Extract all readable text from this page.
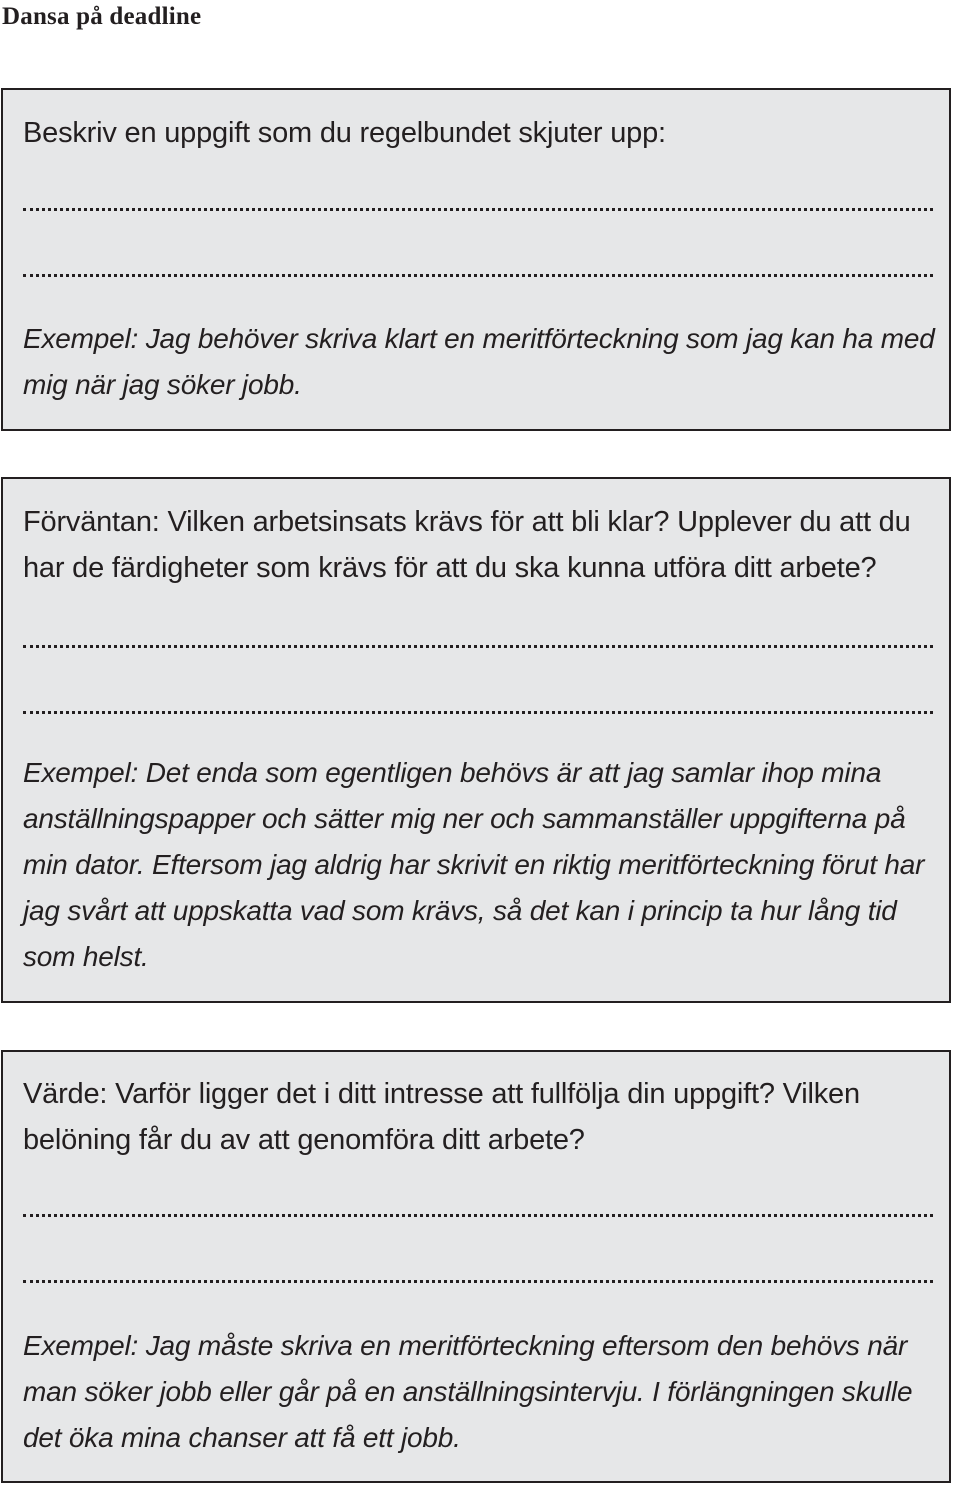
Dansa på deadline

Beskriv en uppgift som du regelbundet skjuter upp:

Exempel: Jag behöver skriva klart en meritförteckning som jag kan ha med mig när jag söker jobb.

Förväntan: Vilken arbetsinsats krävs för att bli klar? Upplever du att du har de färdigheter som krävs för att du ska kunna utföra ditt arbete?

Exempel: Det enda som egentligen behövs är att jag samlar ihop mina anställningspapper och sätter mig ner och sammanställer uppgifterna på min dator. Eftersom jag aldrig har skrivit en riktig meritförteckning förut har jag svårt att uppskatta vad som krävs, så det kan i princip ta hur lång tid som helst.

Värde: Varför ligger det i ditt intresse att fullfölja din uppgift? Vilken belöning får du av att genomföra ditt arbete?

Exempel: Jag måste skriva en meritförteckning eftersom den behövs när man söker jobb eller går på en anställningsintervju. I förlängningen skulle det öka mina chanser att få ett jobb.
